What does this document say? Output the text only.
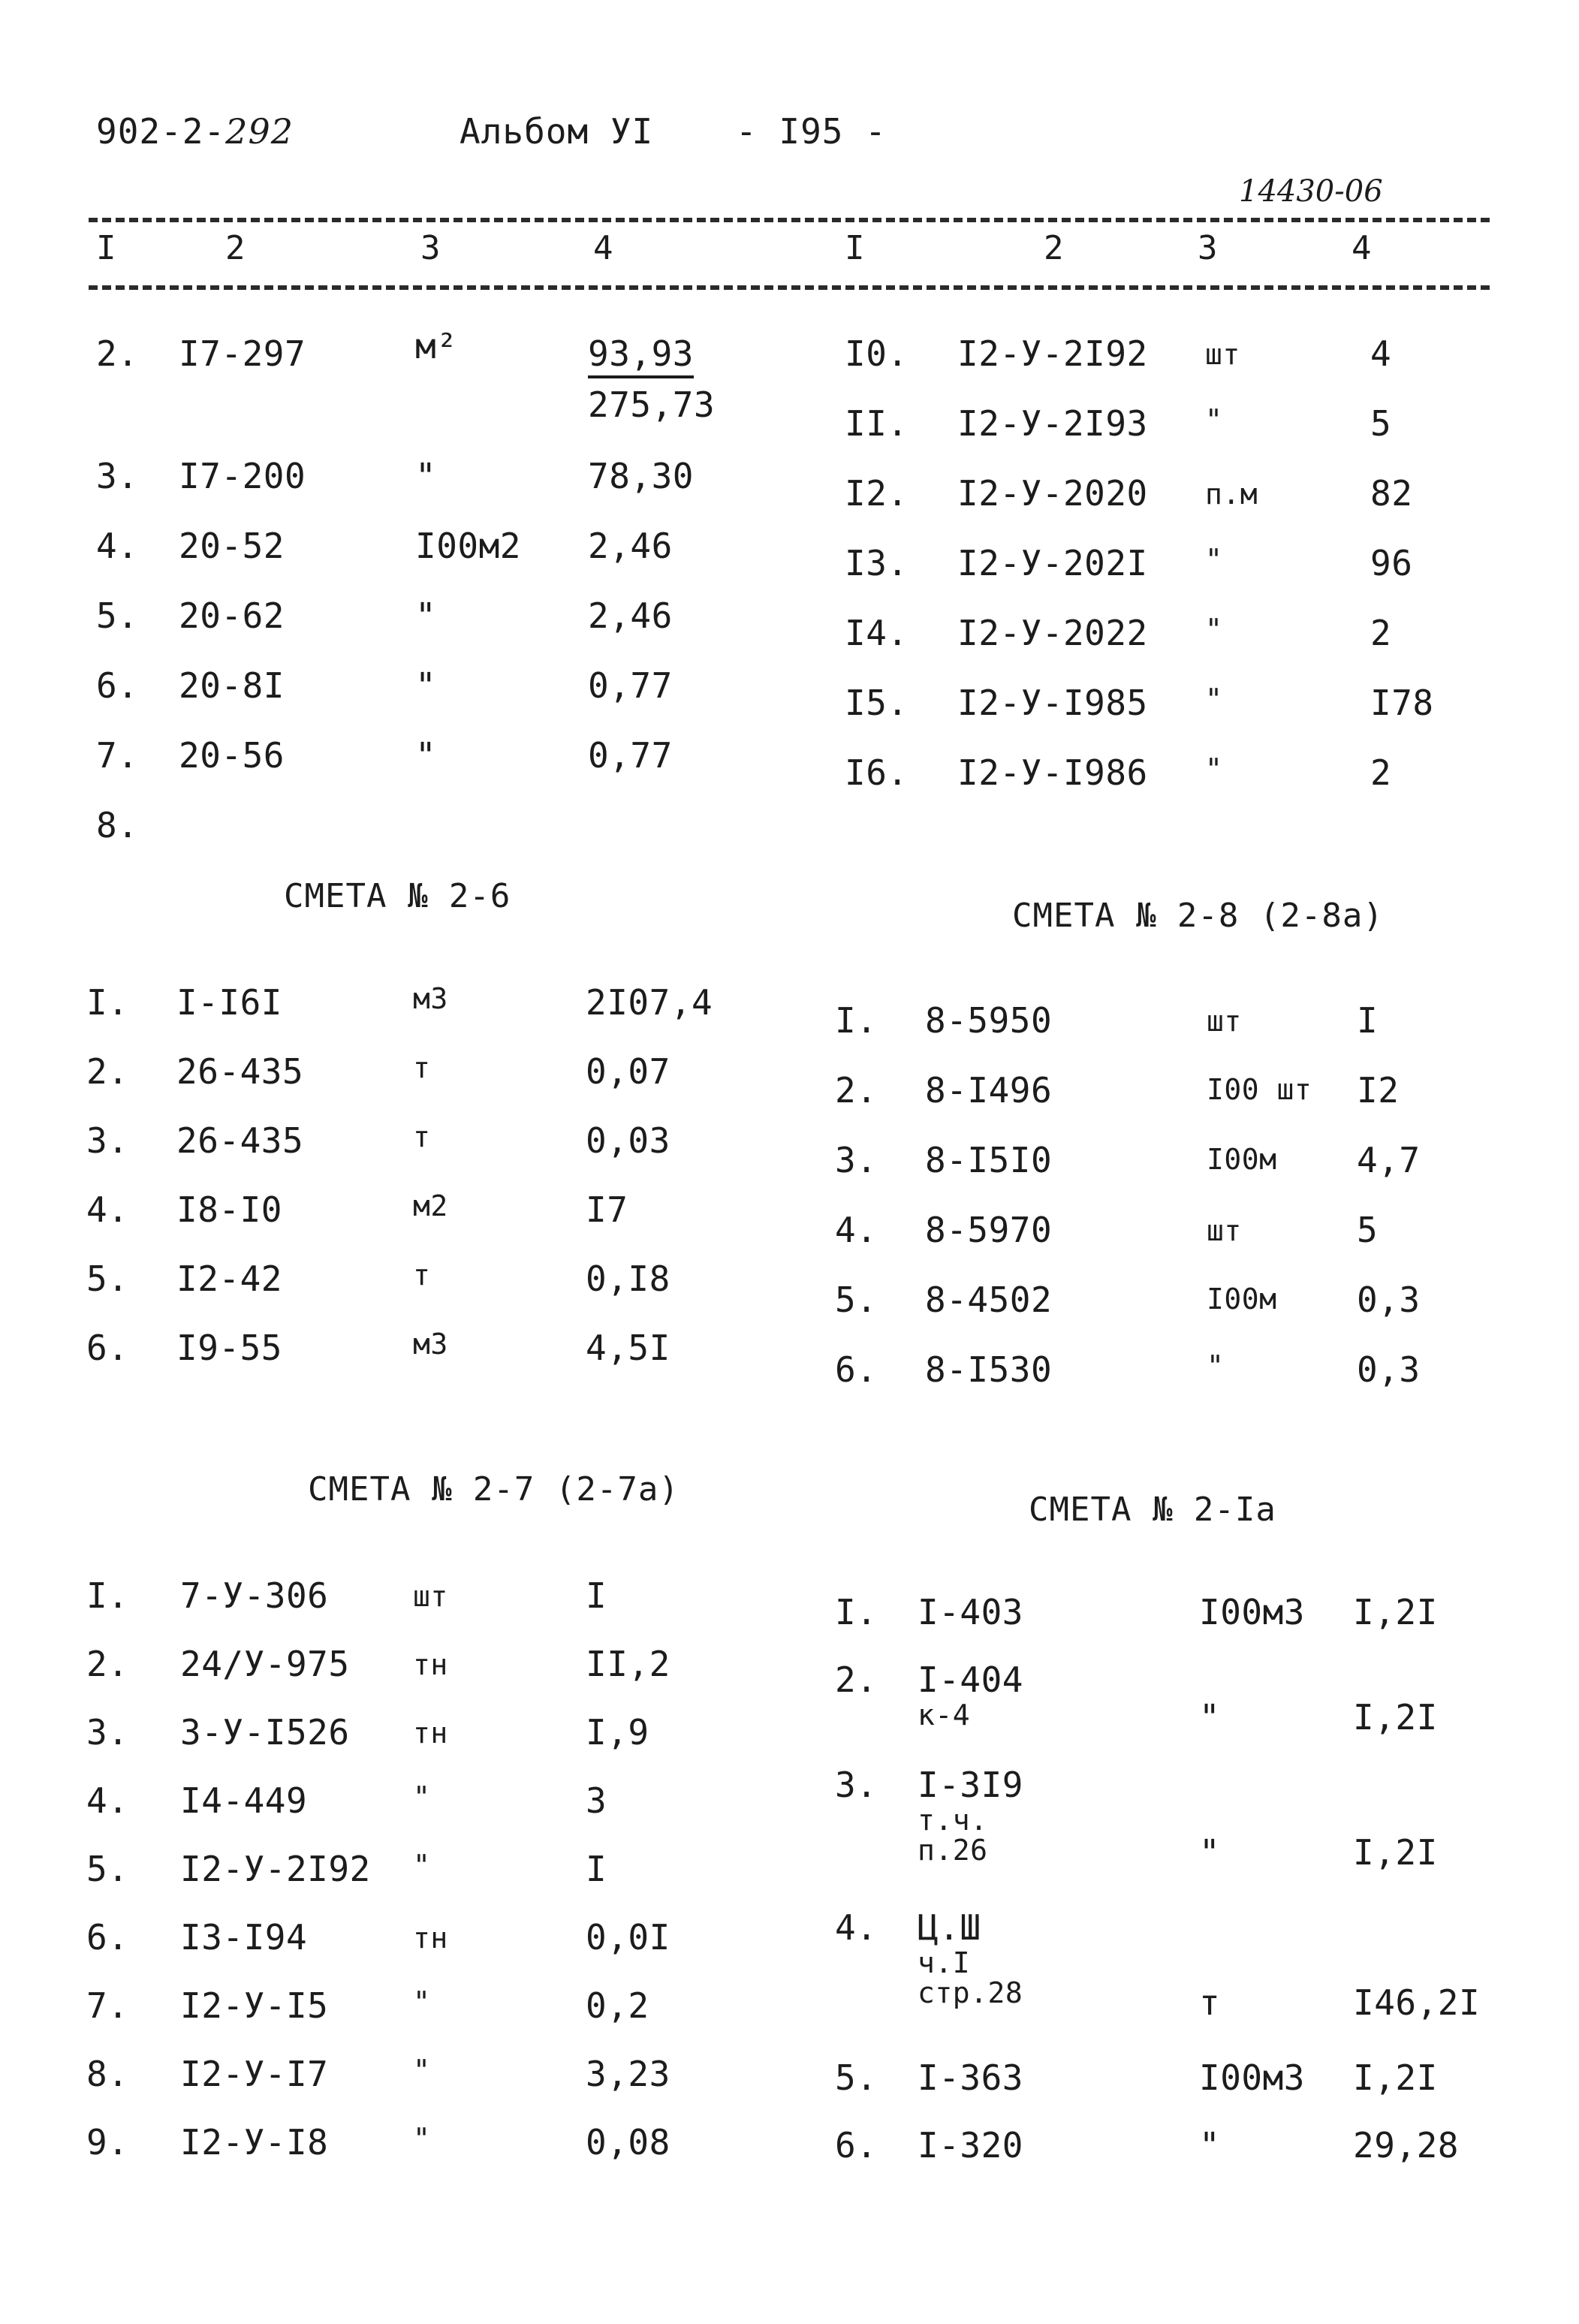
902-2-292	Альбом УI - I95 -
14430-06
I	2	3	4	I	2	3	4
2. I7-297	м²	93,93
275,73
3. I7-200	"	78,30
4. 20-52	I00м2 2,46
5. 20-62	"	2,46
6. 20-8I	"	0,77
7. 20-56	"	0,77
8.
I0. I2-У-2I92 шт	4
II. I2-У-2I93 "	5
I2. I2-У-2020 п.м	82
I3. I2-У-202I "	96
I4. I2-У-2022 "	2
I5. I2-У-I985 "	I78
I6. I2-У-I986 "	2
СМЕТА № 2-6
I. I-I6I	м3	2I07,4
2. 26-435	т	0,07
3. 26-435	т	0,03
4. I8-I0	м2	I7
5. I2-42	т	0,I8
6. I9-55	м3	4,5I
СМЕТА № 2-8 (2-8а)
I. 8-5950	шт	I
2. 8-I496	I00 шт I2
3. 8-I5I0	I00м 4,7
4. 8-5970	шт	5
5. 8-4502	I00м 0,3
6. 8-I530	"	0,3
СМЕТА № 2-7 (2-7а)
I. 7-У-306	шт	I
2. 24/У-975 тн	II,2
3. 3-У-I526 тн	I,9
4. I4-449	"	3
5. I2-У-2I92 "	I
6. I3-I94	тн	0,0I
7. I2-У-I5	"	0,2
8. I2-У-I7	"	3,23
9. I2-У-I8	"	0,08
СМЕТА № 2-Iа
I. I-403	I00м3 I,2I
2. I-404
к-4	"	I,2I
3. I-3I9
т.ч.
п.26	"	I,2I
4. Ц.Ш
ч.I
стр.28	т	I46,2I
5. I-363	I00м3 I,2I
6. I-320	"	29,28
